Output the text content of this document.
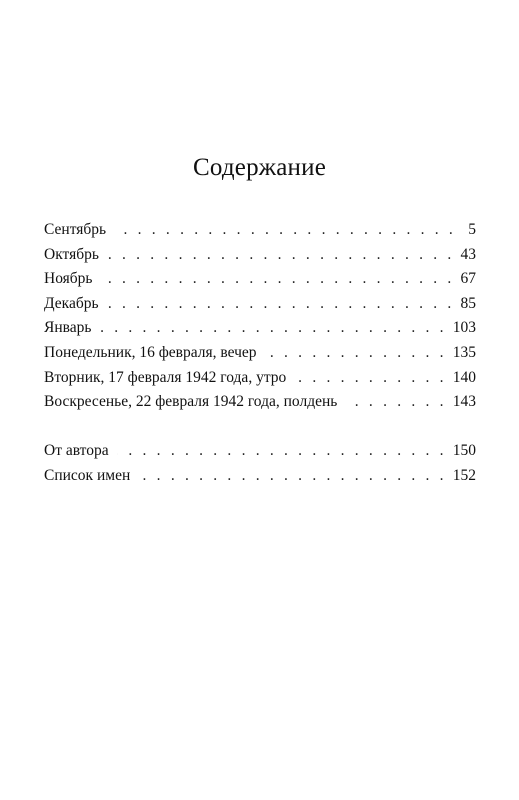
Содержание
Сентябрь . . .	5
Октябрь . . .	43
Ноябрь . . .	67
Декабрь . . .	85
Январь . . .	103
Понедельник, 16 февраля, вечер . . .	135
Вторник, 17 февраля 1942 года, утро . . .	140
Воскресенье, 22 февраля 1942 года, полдень . . .	143
От автора . . .	150
Список имен . . .	152
